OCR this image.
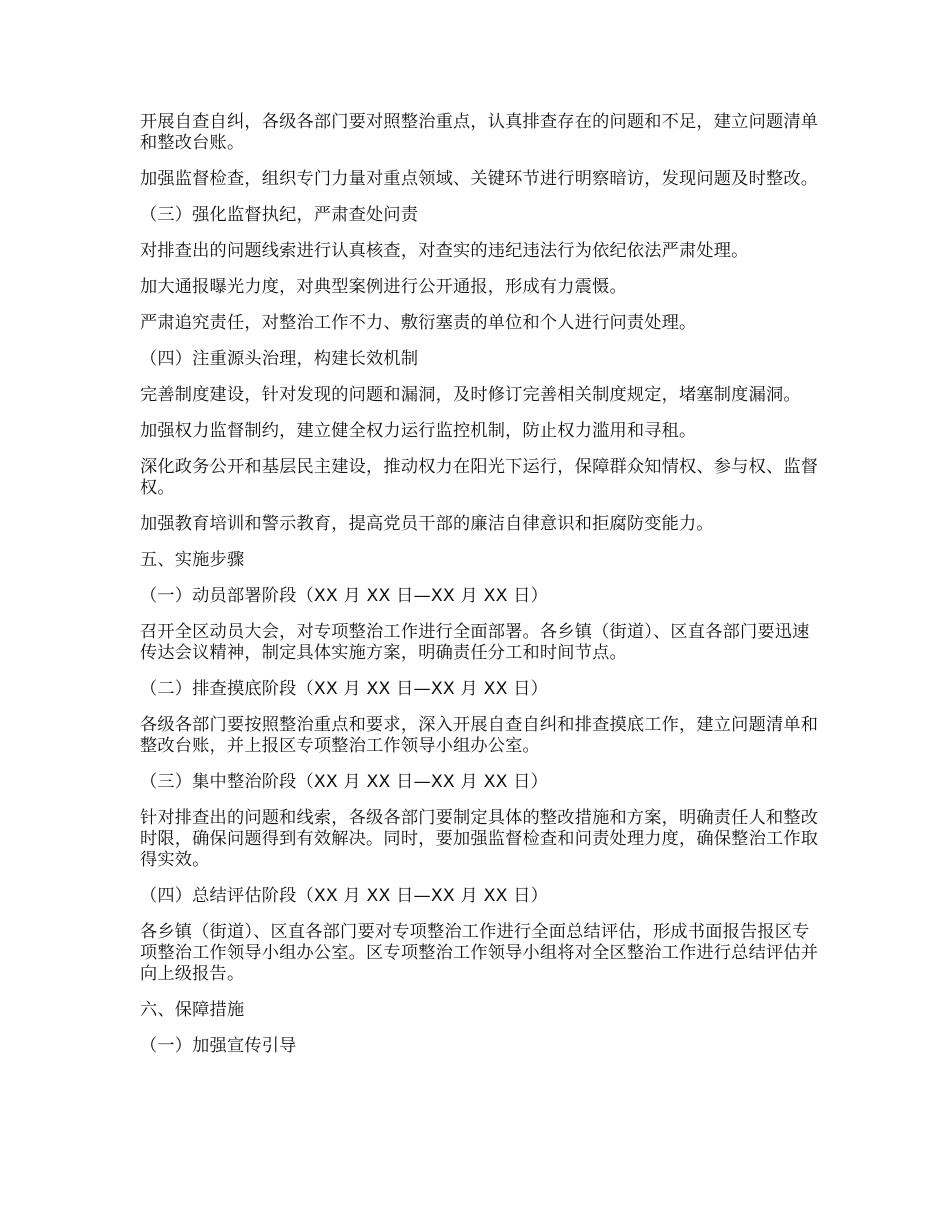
开展自查自纠，各级各部门要对照整治重点，认真排查存在的问题和不足，建立问题清单和整改台账。

加强监督检查，组织专门力量对重点领域、关键环节进行明察暗访，发现问题及时整改。

（三）强化监督执纪，严肃查处问责

对排查出的问题线索进行认真核查，对查实的违纪违法行为依纪依法严肃处理。

加大通报曝光力度，对典型案例进行公开通报，形成有力震慑。

严肃追究责任，对整治工作不力、敷衍塞责的单位和个人进行问责处理。

（四）注重源头治理，构建长效机制

完善制度建设，针对发现的问题和漏洞，及时修订完善相关制度规定，堵塞制度漏洞。

加强权力监督制约，建立健全权力运行监控机制，防止权力滥用和寻租。

深化政务公开和基层民主建设，推动权力在阳光下运行，保障群众知情权、参与权、监督权。

加强教育培训和警示教育，提高党员干部的廉洁自律意识和拒腐防变能力。

五、实施步骤

（一）动员部署阶段（XX 月 XX 日—XX 月 XX 日）

召开全区动员大会，对专项整治工作进行全面部署。各乡镇（街道）、区直各部门要迅速传达会议精神，制定具体实施方案，明确责任分工和时间节点。

（二）排查摸底阶段（XX 月 XX 日—XX 月 XX 日）

各级各部门要按照整治重点和要求，深入开展自查自纠和排查摸底工作，建立问题清单和整改台账，并上报区专项整治工作领导小组办公室。

（三）集中整治阶段（XX 月 XX 日—XX 月 XX 日）

针对排查出的问题和线索，各级各部门要制定具体的整改措施和方案，明确责任人和整改时限，确保问题得到有效解决。同时，要加强监督检查和问责处理力度，确保整治工作取得实效。

（四）总结评估阶段（XX 月 XX 日—XX 月 XX 日）

各乡镇（街道）、区直各部门要对专项整治工作进行全面总结评估，形成书面报告报区专项整治工作领导小组办公室。区专项整治工作领导小组将对全区整治工作进行总结评估并向上级报告。

六、保障措施

（一）加强宣传引导
